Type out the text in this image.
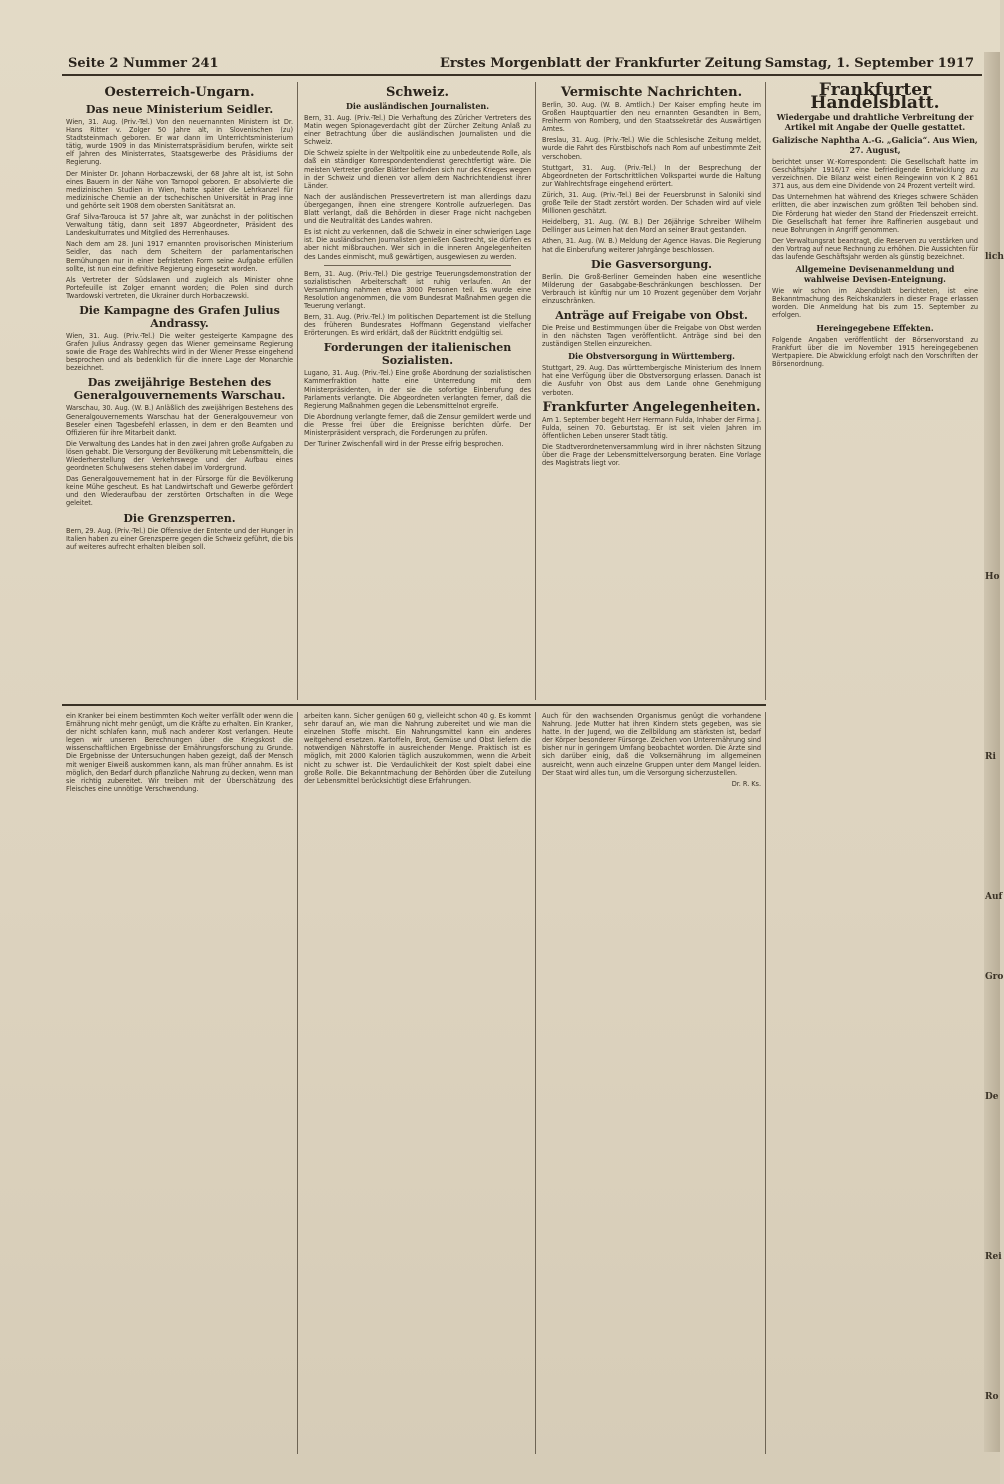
Seite 2 Nummer 241	Erstes Morgenblatt der Frankfurter Zeitung Samstag, 1. September 1917
Oesterreich-Ungarn.
Das neue Ministerium Seidler.

Wien, 31. Aug. (Priv.-Tel.) Von den neuernannten Ministern ist Dr. Hans Ritter v. Zolger 50 Jahre alt, in Slovenischen (zu) Stadtsteinmach geboren. Er war dann im Unterrichtsministerium tätig, wurde 1909 in das Ministerratspräsidium berufen, wirkte seit elf Jahren des Ministerrates, Staatsgewerbe des Präsidiums der Regierung.

Der Minister Dr. Johann Horbaczewski, der 68 Jahre alt ist, ist Sohn eines Bauern in der Nähe von Tarnopol geboren. Er absolvierte die medizinischen Studien in Wien, hatte später die Lehrkanzel für medizinische Chemie an der tschechischen Universität in Prag inne und gehörte seit 1908 dem obersten Sanitätsrat an.

Graf Silva-Tarouca ist 57 Jahre alt, war zunächst in der politischen Verwaltung tätig, dann seit 1897 Abgeordneter, Präsident des Landeskulturrates und Mitglied des Herrenhauses.

Nach dem am 28. Juni 1917 ernannten provisorischen Ministerium Seidler, das nach dem Scheitern der parlamentarischen Bemühungen nur in einer befristeten Form seine Aufgabe erfüllen sollte, ist nun eine definitive Regierung eingesetzt worden.

Als Vertreter der Südslawen und zugleich als Minister ohne Portefeuille ist Zolger ernannt worden; die Polen sind durch Twardowski vertreten, die Ukrainer durch Horbaczewski.

Die Kampagne des Grafen Julius Andrassy.

Wien, 31. Aug. (Priv.-Tel.) Die weiter gesteigerte Kampagne des Grafen Julius Andrassy gegen das Wiener gemeinsame Regierung sowie die Frage des Wahlrechts wird in der Wiener Presse eingehend besprochen und als bedenklich für die innere Lage der Monarchie bezeichnet.

Das zweijährige Bestehen des Generalgouvernements Warschau.

Warschau, 30. Aug. (W. B.) Anläßlich des zweijährigen Bestehens des Generalgouvernements Warschau hat der Generalgouverneur von Beseler einen Tagesbefehl erlassen, in dem er den Beamten und Offizieren für ihre Mitarbeit dankt.

Die Verwaltung des Landes hat in den zwei Jahren große Aufgaben zu lösen gehabt. Die Versorgung der Bevölkerung mit Lebensmitteln, die Wiederherstellung der Verkehrswege und der Aufbau eines geordneten Schulwesens stehen dabei im Vordergrund.

Das Generalgouvernement hat in der Fürsorge für die Bevölkerung keine Mühe gescheut. Es hat Landwirtschaft und Gewerbe gefördert und den Wiederaufbau der zerstörten Ortschaften in die Wege geleitet.

Die Grenzsperren.

Bern, 29. Aug. (Priv.-Tel.) Die Offensive der Entente und der Hunger in Italien haben zu einer Grenzsperre gegen die Schweiz geführt, die bis auf weiteres aufrecht erhalten bleiben soll.

Schweiz.
Die ausländischen Journalisten.

Bern, 31. Aug. (Priv.-Tel.) Die Verhaftung des Züricher Vertreters des Matin wegen Spionageverdacht gibt der Zürcher Zeitung Anlaß zu einer Betrachtung über die ausländischen Journalisten und die Schweiz.

Die Schweiz spielte in der Weltpolitik eine zu unbedeutende Rolle, als daß ein ständiger Korrespondentendienst gerechtfertigt wäre. Die meisten Vertreter großer Blätter befinden sich nur des Krieges wegen in der Schweiz und dienen vor allem dem Nachrichtendienst ihrer Länder.

Nach der ausländischen Pressevertretern ist man allerdings dazu übergegangen, ihnen eine strengere Kontrolle aufzuerlegen. Das Blatt verlangt, daß die Behörden in dieser Frage nicht nachgeben und die Neutralität des Landes wahren.

Es ist nicht zu verkennen, daß die Schweiz in einer schwierigen Lage ist. Die ausländischen Journalisten genießen Gastrecht, sie dürfen es aber nicht mißbrauchen. Wer sich in die inneren Angelegenheiten des Landes einmischt, muß gewärtigen, ausgewiesen zu werden.

Bern, 31. Aug. (Priv.-Tel.) Die gestrige Teuerungsdemonstration der sozialistischen Arbeiterschaft ist ruhig verlaufen. An der Versammlung nahmen etwa 3000 Personen teil. Es wurde eine Resolution angenommen, die vom Bundesrat Maßnahmen gegen die Teuerung verlangt.

Bern, 31. Aug. (Priv.-Tel.) Im politischen Departement ist die Stellung des früheren Bundesrates Hoffmann Gegenstand vielfacher Erörterungen. Es wird erklärt, daß der Rücktritt endgültig sei.

Forderungen der italienischen Sozialisten.

Lugano, 31. Aug. (Priv.-Tel.) Eine große Abordnung der sozialistischen Kammerfraktion hatte eine Unterredung mit dem Ministerpräsidenten, in der sie die sofortige Einberufung des Parlaments verlangte. Die Abgeordneten verlangten ferner, daß die Regierung Maßnahmen gegen die Lebensmittelnot ergreife.

Die Abordnung verlangte ferner, daß die Zensur gemildert werde und die Presse frei über die Ereignisse berichten dürfe. Der Ministerpräsident versprach, die Forderungen zu prüfen.

Der Turiner Zwischenfall wird in der Presse eifrig besprochen.

Vermischte Nachrichten.

Berlin, 30. Aug. (W. B. Amtlich.) Der Kaiser empfing heute im Großen Hauptquartier den neu ernannten Gesandten in Bern, Freiherrn von Romberg, und den Staatssekretär des Auswärtigen Amtes.

Breslau, 31. Aug. (Priv.-Tel.) Wie die Schlesische Zeitung meldet, wurde die Fahrt des Fürstbischofs nach Rom auf unbestimmte Zeit verschoben.

Stuttgart, 31. Aug. (Priv.-Tel.) In der Besprechung der Abgeordneten der Fortschrittlichen Volkspartei wurde die Haltung zur Wahlrechtsfrage eingehend erörtert.

Zürich, 31. Aug. (Priv.-Tel.) Bei der Feuersbrunst in Saloniki sind große Teile der Stadt zerstört worden. Der Schaden wird auf viele Millionen geschätzt.

Heidelberg, 31. Aug. (W. B.) Der 26jährige Schreiber Wilhelm Dellinger aus Leimen hat den Mord an seiner Braut gestanden.

Athen, 31. Aug. (W. B.) Meldung der Agence Havas. Die Regierung hat die Einberufung weiterer Jahrgänge beschlossen.

Die Gasversorgung.

Berlin. Die Groß-Berliner Gemeinden haben eine wesentliche Milderung der Gasabgabe-Beschränkungen beschlossen. Der Verbrauch ist künftig nur um 10 Prozent gegenüber dem Vorjahr einzuschränken.

Anträge auf Freigabe von Obst.

Die Preise und Bestimmungen über die Freigabe von Obst werden in den nächsten Tagen veröffentlicht. Anträge sind bei den zuständigen Stellen einzureichen.

Die Obstversorgung in Württemberg.

Stuttgart, 29. Aug. Das württembergische Ministerium des Innern hat eine Verfügung über die Obstversorgung erlassen. Danach ist die Ausfuhr von Obst aus dem Lande ohne Genehmigung verboten.

Frankfurter Angelegenheiten.

Am 1. September begeht Herr Hermann Fulda, Inhaber der Firma J. Fulda, seinen 70. Geburtstag. Er ist seit vielen Jahren im öffentlichen Leben unserer Stadt tätig.

Die Stadtverordnetenversammlung wird in ihrer nächsten Sitzung über die Frage der Lebensmittelversorgung beraten. Eine Vorlage des Magistrats liegt vor.

Frankfurter Handelsblatt.
Wiedergabe und drahtliche Verbreitung der Artikel mit Angabe der Quelle gestattet.
Galizische Naphtha A.-G. „Galicia“. Aus Wien, 27. August,

berichtet unser W.-Korrespondent: Die Gesellschaft hatte im Geschäftsjahr 1916/17 eine befriedigende Entwicklung zu verzeichnen. Die Bilanz weist einen Reingewinn von K 2 861 371 aus, aus dem eine Dividende von 24 Prozent verteilt wird.

Das Unternehmen hat während des Krieges schwere Schäden erlitten, die aber inzwischen zum größten Teil behoben sind. Die Förderung hat wieder den Stand der Friedenszeit erreicht. Die Gesellschaft hat ferner ihre Raffinerien ausgebaut und neue Bohrungen in Angriff genommen.

Der Verwaltungsrat beantragt, die Reserven zu verstärken und den Vortrag auf neue Rechnung zu erhöhen. Die Aussichten für das laufende Geschäftsjahr werden als günstig bezeichnet.

Allgemeine Devisenanmeldung und wahlweise Devisen-Enteignung.

Wie wir schon im Abendblatt berichteten, ist eine Bekanntmachung des Reichskanzlers in dieser Frage erlassen worden. Die Anmeldung hat bis zum 15. September zu erfolgen.

Hereingegebene Effekten.

Folgende Angaben veröffentlicht der Börsenvorstand zu Frankfurt über die im November 1915 hereingegebenen Wertpapiere. Die Abwicklung erfolgt nach den Vorschriften der Börsenordnung.

ein Kranker bei einem bestimmten Koch weiter verfällt oder wenn die Ernährung nicht mehr genügt, um die Kräfte zu erhalten. Ein Kranker, der nicht schlafen kann, muß nach anderer Kost verlangen. Heute legen wir unseren Berechnungen über die Kriegskost die wissenschaftlichen Ergebnisse der Ernährungsforschung zu Grunde. Die Ergebnisse der Untersuchungen haben gezeigt, daß der Mensch mit weniger Eiweiß auskommen kann, als man früher annahm. Es ist möglich, den Bedarf durch pflanzliche Nahrung zu decken, wenn man sie richtig zubereitet. Wir treiben mit der Überschätzung des Fleisches eine unnötige Verschwendung.

arbeiten kann. Sicher genügen 60 g, vielleicht schon 40 g. Es kommt sehr darauf an, wie man die Nahrung zubereitet und wie man die einzelnen Stoffe mischt. Ein Nahrungsmittel kann ein anderes weitgehend ersetzen. Kartoffeln, Brot, Gemüse und Obst liefern die notwendigen Nährstoffe in ausreichender Menge. Praktisch ist es möglich, mit 2000 Kalorien täglich auszukommen, wenn die Arbeit nicht zu schwer ist. Die Verdaulichkeit der Kost spielt dabei eine große Rolle. Die Bekanntmachung der Behörden über die Zuteilung der Lebensmittel berücksichtigt diese Erfahrungen.

Auch für den wachsenden Organismus genügt die vorhandene Nahrung. Jede Mutter hat ihren Kindern stets gegeben, was sie hatte. In der Jugend, wo die Zellbildung am stärksten ist, bedarf der Körper besonderer Fürsorge. Zeichen von Unterernährung sind bisher nur in geringem Umfang beobachtet worden. Die Ärzte sind sich darüber einig, daß die Volksernährung im allgemeinen ausreicht, wenn auch einzelne Gruppen unter dem Mangel leiden. Der Staat wird alles tun, um die Versorgung sicherzustellen.

Dr. R. Ks.

lich
Ho
Ri
Auf
Gro
De
Rei
Ro
